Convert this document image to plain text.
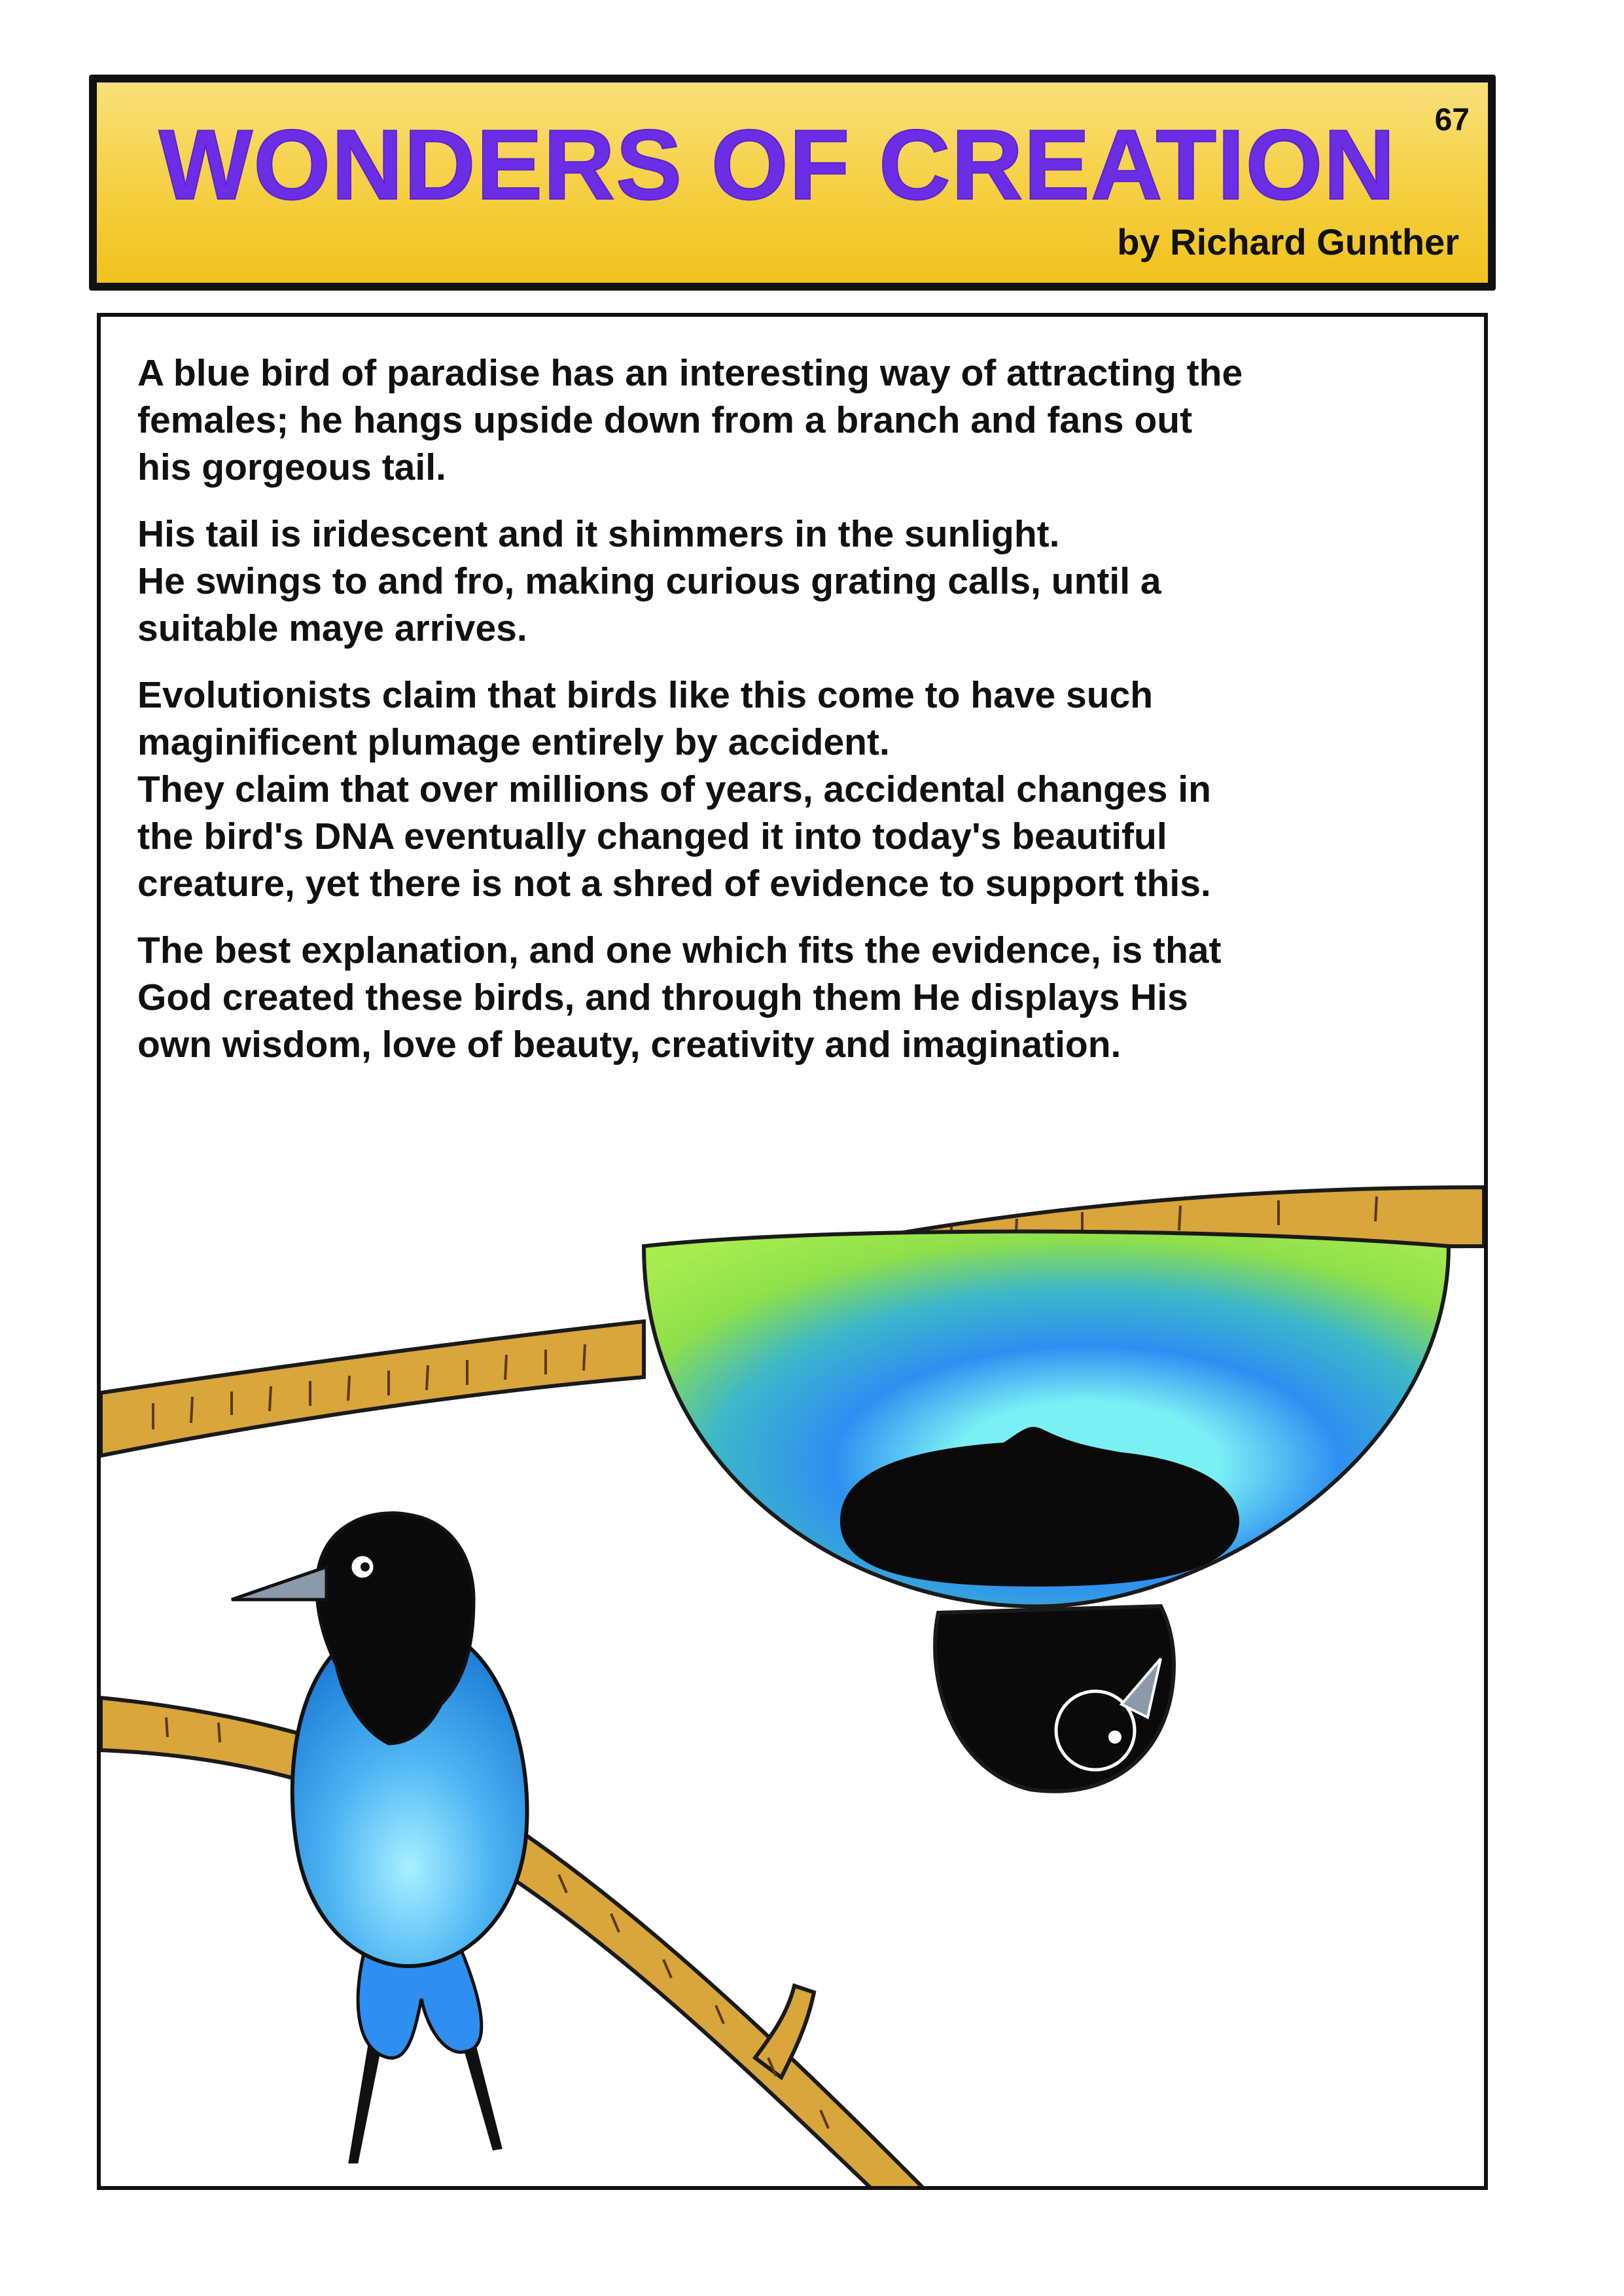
WONDERS OF CREATION	67
by Richard Gunther

A blue bird of paradise has an interesting way of attracting the
females; he hangs upside down from a branch and fans out
his gorgeous tail.

His tail is iridescent and it shimmers in the sunlight.
He swings to and fro, making curious grating calls, until a
suitable maye arrives.

Evolutionists claim that birds like this come to have such
maginificent plumage entirely by accident.
They claim that over millions of years, accidental changes in
the bird's DNA eventually changed it into today's beautiful
creature, yet there is not a shred of evidence to support this.

The best explanation, and one which fits the evidence, is that
God created these birds, and through them He displays His
own wisdom, love of beauty, creativity and imagination.
